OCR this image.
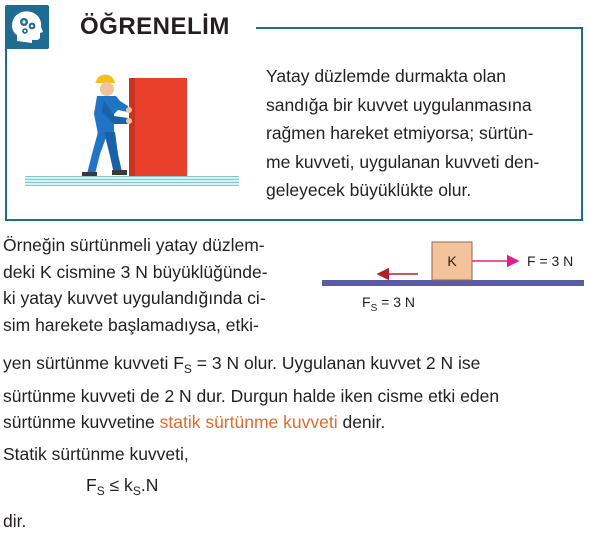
ÖĞRENELİM
Yatay düzlemde durmakta olan
sandığa bir kuvvet uygulanmasına
rağmen hareket etmiyorsa; sürtün-
me kuvveti, uygulanan kuvveti den-
geleyecek büyüklükte olur.
Örneğin sürtünmeli yatay düzlem-
deki K cismine 3 N büyüklüğünde-
ki yatay kuvvet uygulandığında ci-
sim harekete başlamadıysa, etki-
K	F = 3 N
$F_S = 3$ N
yen sürtünme kuvveti $F_S = 3$ N olur. Uygulanan kuvvet 2 N ise
sürtünme kuvveti de 2 N dur. Durgun halde iken cisme etki eden
sürtünme kuvvetine statik sürtünme kuvveti denir.
Statik sürtünme kuvveti,
$F_S \le k_S.N$
dir.
